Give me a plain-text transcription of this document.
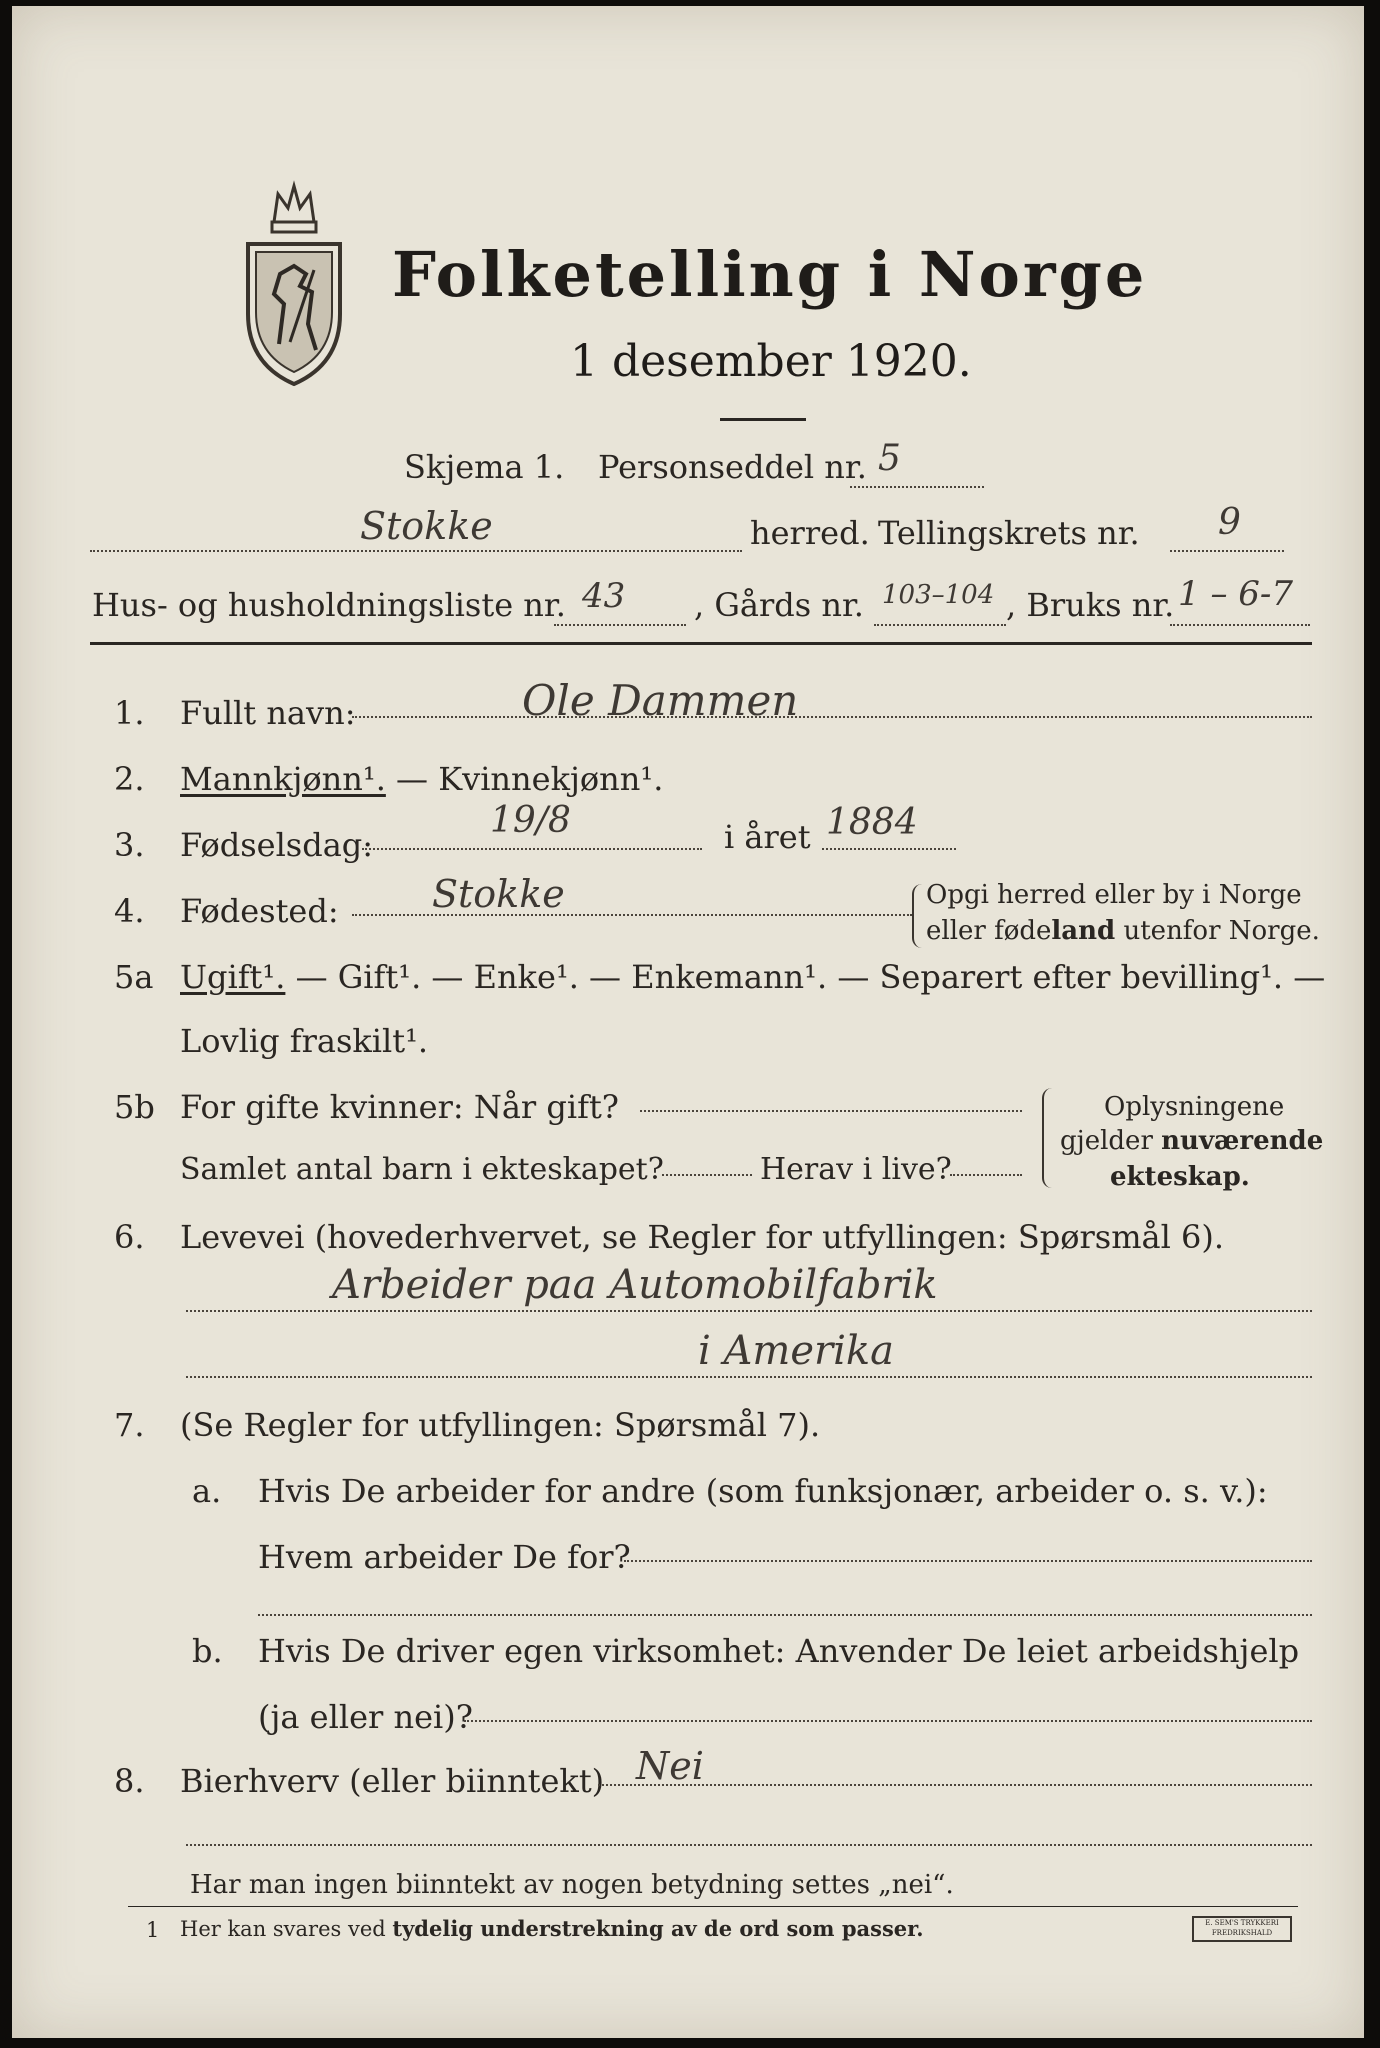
Folketelling i Norge
1 desember 1920.
Skjema 1. Personseddel nr. 5
Stokke	herred. Tellingskrets nr. 9
Hus- og husholdningsliste nr. 43 , Gårds nr. 103–104 , Bruks nr. 1 – 6-7
1. Fullt navn:	Ole Dammen
2. Mannkjønn¹. — Kvinnekjønn¹.
3. Fødselsdag:
19/8	i året 1884
4. Fødested: Stokke	Opgi herred eller by i Norge
eller fødeland utenfor Norge.
5a Ugift¹. — Gift¹. — Enke¹. — Enkemann¹. — Separert efter bevilling¹. —
Lovlig fraskilt¹.
5b For gifte kvinner: Når gift?
Samlet antal barn i ekteskapet?	Herav i live?
Oplysningene
gjelder nuværende
ekteskap.
6. Levevei (hovederhvervet, se Regler for utfyllingen: Spørsmål 6).
Arbeider paa Automobilfabrik
i Amerika
7. (Se Regler for utfyllingen: Spørsmål 7).
a. Hvis De arbeider for andre (som funksjonær, arbeider o. s. v.):
Hvem arbeider De for?
b. Hvis De driver egen virksomhet: Anvender De leiet arbeidshjelp
(ja eller nei)?
8. Bierhverv (eller biinntekt) Nei
Har man ingen biinntekt av nogen betydning settes „nei“.
1 Her kan svares ved tydelig understrekning av de ord som passer.	E. SEM'S TRYKKERI FREDRIKSHALD
